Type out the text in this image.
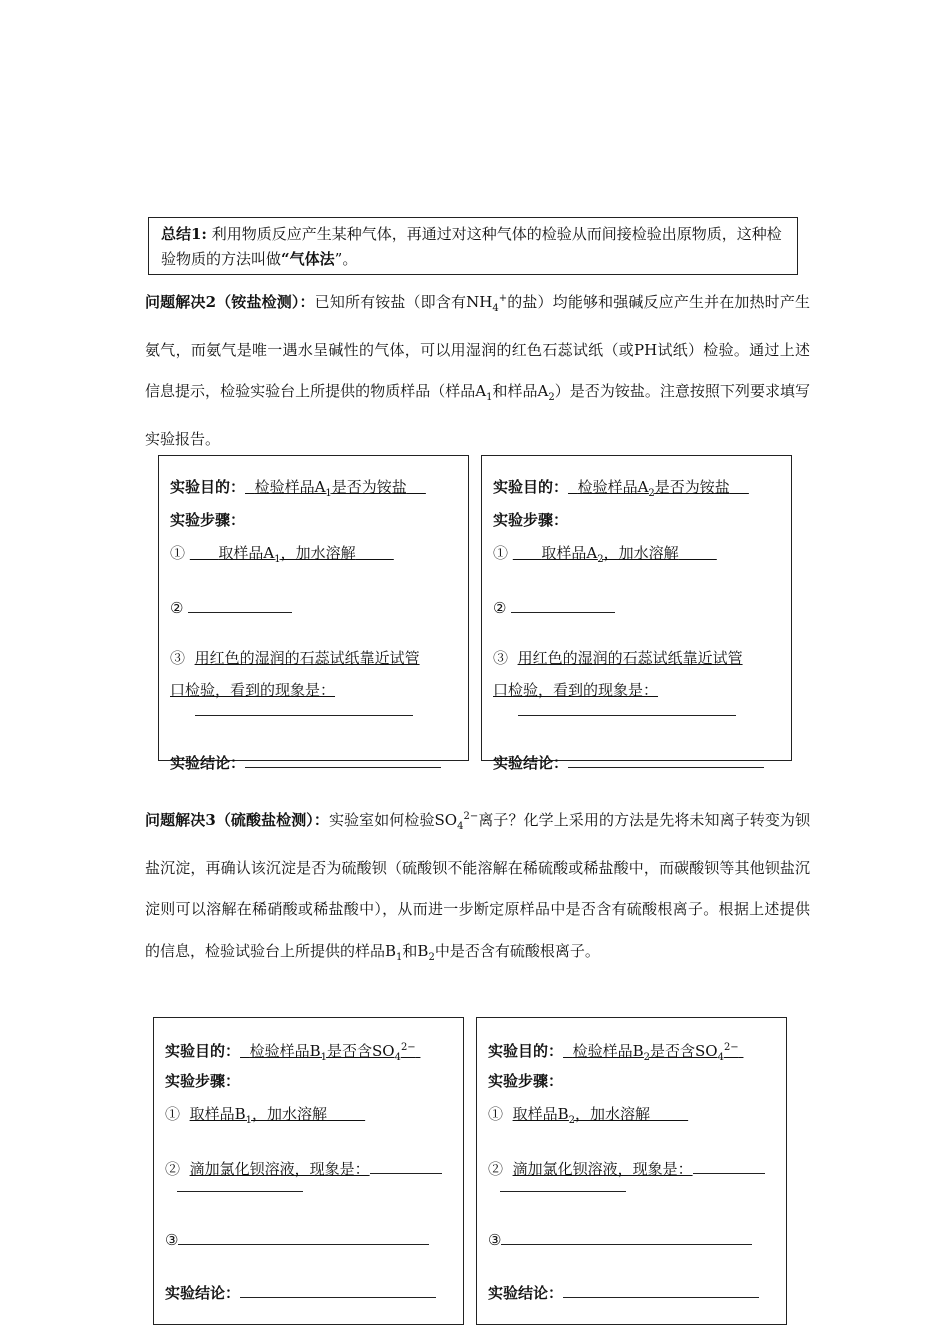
总结1: 利用物质反应产生某种气体，再通过对这种气体的检验从而间接检验出原物质，这种检验物质的方法叫做“气体法”。
问题解决2（铵盐检测）：已知所有铵盐（即含有$NH_4^+$的盐）均能够和强碱反应产生并在加热时产生氨气，而氨气是唯一遇水呈碱性的气体，可以用湿润的红色石蕊试纸（或PH试纸）检验。通过上述信息提示，检验实验台上所提供的物质样品（样品$A_1$和样品$A_2$）是否为铵盐。注意按照下列要求填写实验报告。
实验目的： 检验样品$A_1$是否为铵盐
实验步骤：
① 取样品$A_1$，加水溶解
②
③ 用红色的湿润的石蕊试纸靠近试管
口检验，看到的现象是：
实验结论：
实验目的： 检验样品$A_2$是否为铵盐
实验步骤：
① 取样品$A_2$，加水溶解
②
③ 用红色的湿润的石蕊试纸靠近试管
口检验，看到的现象是：
实验结论：
问题解决3（硫酸盐检测）：实验室如何检验$SO_4^{2-}$离子？化学上采用的方法是先将未知离子转变为钡盐沉淀，再确认该沉淀是否为硫酸钡（硫酸钡不能溶解在稀硫酸或稀盐酸中，而碳酸钡等其他钡盐沉淀则可以溶解在稀硝酸或稀盐酸中），从而进一步断定原样品中是否含有硫酸根离子。根据上述提供的信息，检验试验台上所提供的样品$B_1$和$B_2$中是否含有硫酸根离子。
实验目的： 检验样品$B_1$是否含$SO_4^{2-}$
实验步骤：
① 取样品$B_1$，加水溶解
② 滴加氯化钡溶液，现象是：
③
实验结论：
实验目的： 检验样品$B_2$是否含$SO_4^{2-}$
实验步骤：
① 取样品$B_2$，加水溶解
② 滴加氯化钡溶液，现象是：
③
实验结论：
